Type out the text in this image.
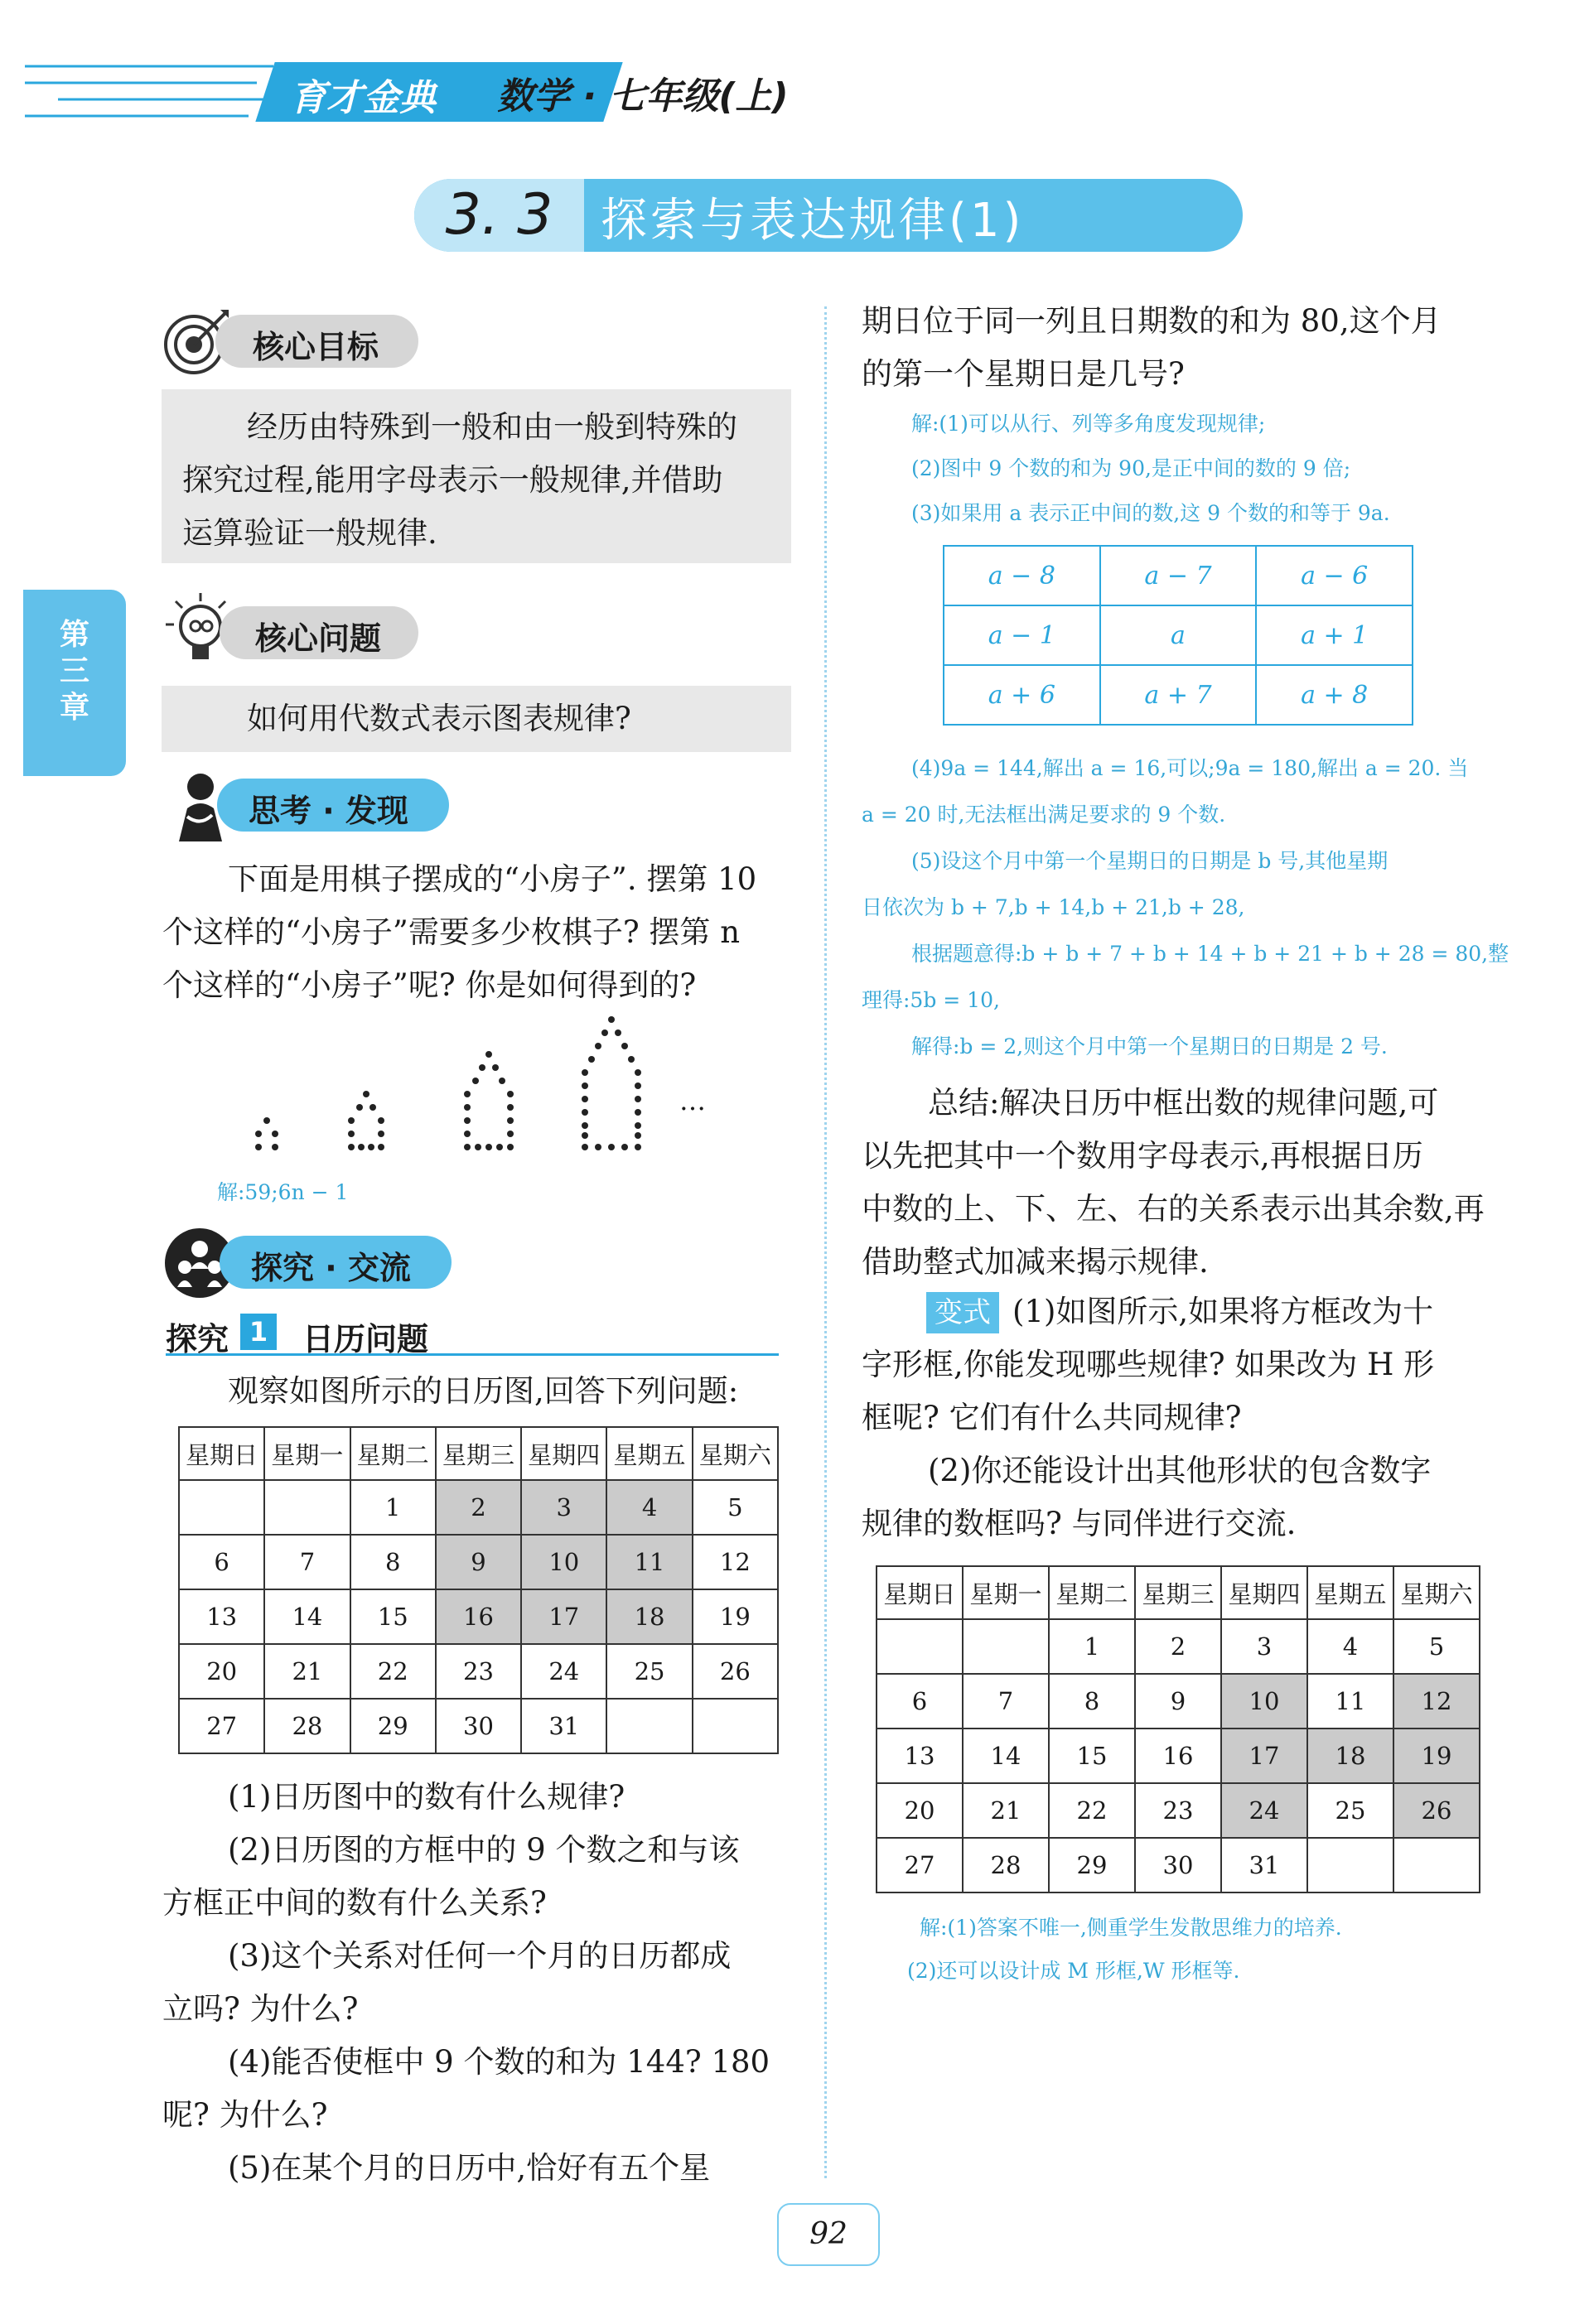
育才金典 数学 · 七年级(上)
3. 3	探索与表达规律(1)
第三章
核心目标
经历由特殊到一般和由一般到特殊的
探究过程,能用字母表示一般规律,并借助
运算验证一般规律.
核心问题
如何用代数式表示图表规律?
思考 · 发现
下面是用棋子摆成的“小房子”. 摆第 10
个这样的“小房子”需要多少枚棋子? 摆第 n
个这样的“小房子”呢? 你是如何得到的?
…
解:59;6n − 1
探究 · 交流
探究 1 日历问题
观察如图所示的日历图,回答下列问题:
星期日	星期一	星期二	星期三	星期四	星期五	星期六
		1	2	3	4	5
6	7	8	9	10	11	12
13	14	15	16	17	18	19
20	21	22	23	24	25	26
27	28	29	30	31		
(1)日历图中的数有什么规律?
(2)日历图的方框中的 9 个数之和与该
方框正中间的数有什么关系?
(3)这个关系对任何一个月的日历都成
立吗? 为什么?
(4)能否使框中 9 个数的和为 144? 180
呢? 为什么?
(5)在某个月的日历中,恰好有五个星
期日位于同一列且日期数的和为 80,这个月
的第一个星期日是几号?
解:(1)可以从行、列等多角度发现规律;
(2)图中 9 个数的和为 90,是正中间的数的 9 倍;
(3)如果用 a 表示正中间的数,这 9 个数的和等于 9a.
a − 8	a − 7	a − 6
a − 1	a	a + 1
a + 6	a + 7	a + 8
(4)9a = 144,解出 a = 16,可以;9a = 180,解出 a = 20. 当
a = 20 时,无法框出满足要求的 9 个数.
(5)设这个月中第一个星期日的日期是 b 号,其他星期
日依次为 b + 7,b + 14,b + 21,b + 28,
根据题意得:b + b + 7 + b + 14 + b + 21 + b + 28 = 80,整
理得:5b = 10,
解得:b = 2,则这个月中第一个星期日的日期是 2 号.
总结:解决日历中框出数的规律问题,可
以先把其中一个数用字母表示,再根据日历
中数的上、下、左、右的关系表示出其余数,再
借助整式加减来揭示规律.
变式 (1)如图所示,如果将方框改为十
字形框,你能发现哪些规律? 如果改为 H 形
框呢? 它们有什么共同规律?
(2)你还能设计出其他形状的包含数字
规律的数框吗? 与同伴进行交流.
星期日	星期一	星期二	星期三	星期四	星期五	星期六
		1	2	3	4	5
6	7	8	9	10	11	12
13	14	15	16	17	18	19
20	21	22	23	24	25	26
27	28	29	30	31		
解:(1)答案不唯一,侧重学生发散思维力的培养.
(2)还可以设计成 M 形框,W 形框等.
92
